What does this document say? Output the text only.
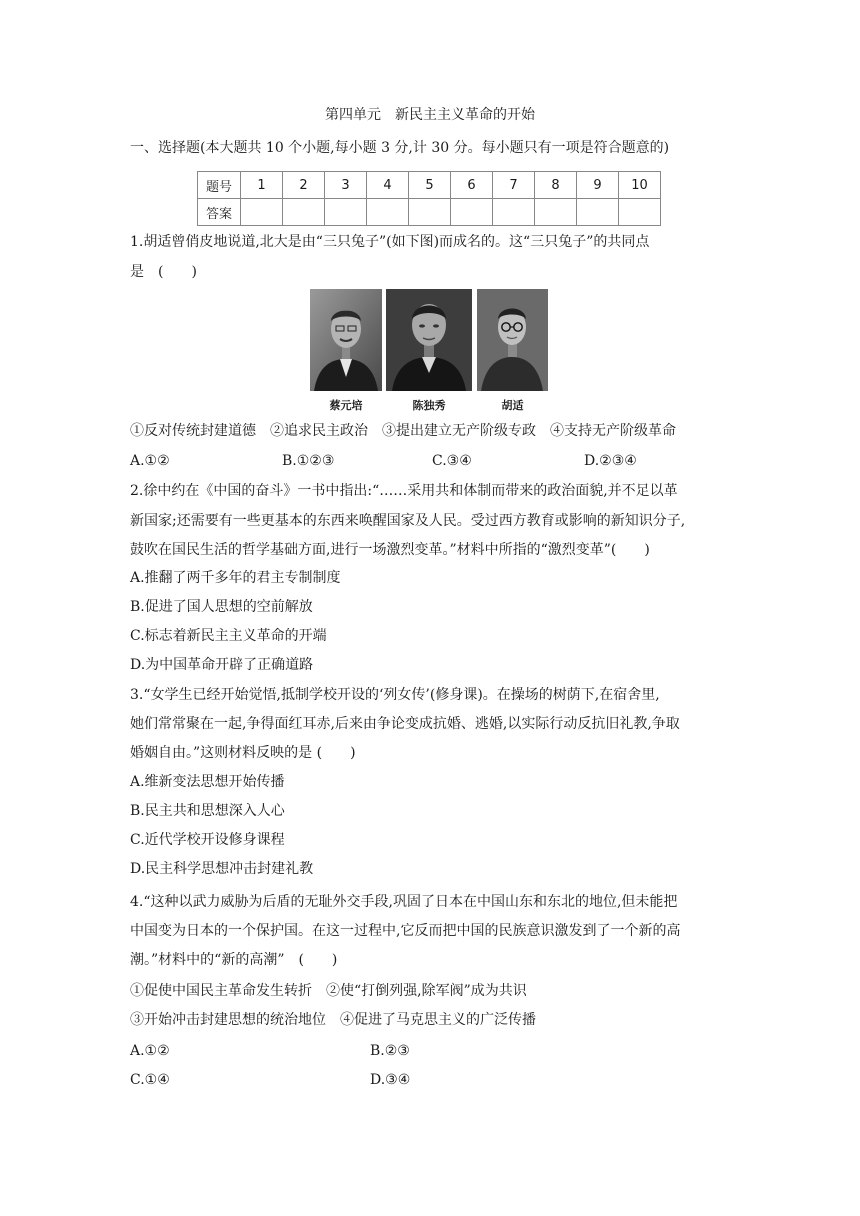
第四单元　新民主主义革命的开始
一、选择题(本大题共 10 个小题,每小题 3 分,计 30 分。每小题只有一项是符合题意的)
题号	1	2	3	4	5	6	7	8	9	10
答案										
1.胡适曾俏皮地说道,北大是由“三只兔子”(如下图)而成名的。这“三只兔子”的共同点
是　(　　)
蔡元培	陈独秀	胡适
①反对传统封建道德　②追求民主政治　③提出建立无产阶级专政　④支持无产阶级革命
A.①②	B.①②③	C.③④	D.②③④
2.徐中约在《中国的奋斗》一书中指出:“……采用共和体制而带来的政治面貌,并不足以革
新国家;还需要有一些更基本的东西来唤醒国家及人民。受过西方教育或影响的新知识分子,
鼓吹在国民生活的哲学基础方面,进行一场激烈变革。”材料中所指的“激烈变革”(　　)
A.推翻了两千多年的君主专制制度
B.促进了国人思想的空前解放
C.标志着新民主主义革命的开端
D.为中国革命开辟了正确道路
3.“女学生已经开始觉悟,抵制学校开设的‘列女传’(修身课)。在操场的树荫下,在宿舍里,
她们常常聚在一起,争得面红耳赤,后来由争论变成抗婚、逃婚,以实际行动反抗旧礼教,争取
婚姻自由。”这则材料反映的是 (　　)
A.维新变法思想开始传播
B.民主共和思想深入人心
C.近代学校开设修身课程
D.民主科学思想冲击封建礼教
4.“这种以武力威胁为后盾的无耻外交手段,巩固了日本在中国山东和东北的地位,但未能把
中国变为日本的一个保护国。在这一过程中,它反而把中国的民族意识激发到了一个新的高
潮。”材料中的“新的高潮”　(　　)
①促使中国民主革命发生转折　②使“打倒列强,除军阀”成为共识
③开始冲击封建思想的统治地位　④促进了马克思主义的广泛传播
A.①②	B.②③
C.①④	D.③④
